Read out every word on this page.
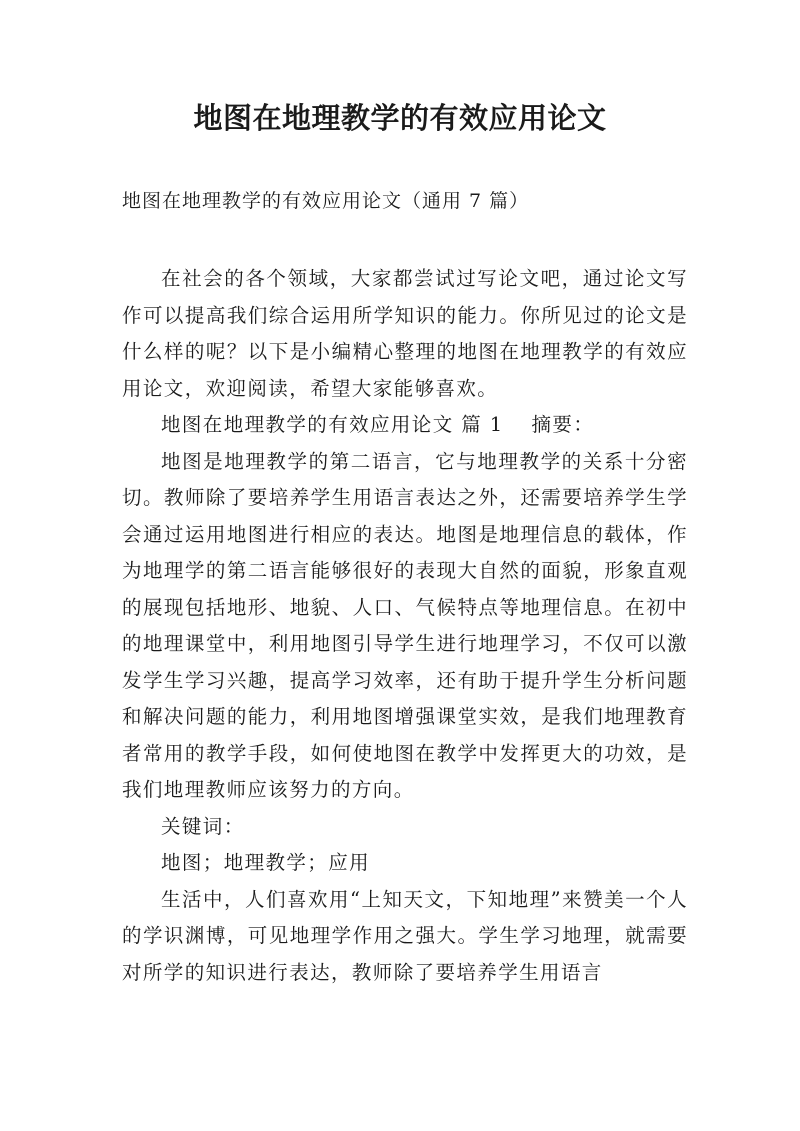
地图在地理教学的有效应用论文

地图在地理教学的有效应用论文（通用 7 篇）

在社会的各个领域，大家都尝试过写论文吧，通过论文写作可以提高我们综合运用所学知识的能力。你所见过的论文是什么样的呢？以下是小编精心整理的地图在地理教学的有效应用论文，欢迎阅读，希望大家能够喜欢。

地图在地理教学的有效应用论文 篇 1 摘要：

地图是地理教学的第二语言，它与地理教学的关系十分密切。教师除了要培养学生用语言表达之外，还需要培养学生学会通过运用地图进行相应的表达。地图是地理信息的载体，作为地理学的第二语言能够很好的表现大自然的面貌，形象直观的展现包括地形、地貌、人口、气候特点等地理信息。在初中的地理课堂中，利用地图引导学生进行地理学习，不仅可以激发学生学习兴趣，提高学习效率，还有助于提升学生分析问题和解决问题的能力，利用地图增强课堂实效，是我们地理教育者常用的教学手段，如何使地图在教学中发挥更大的功效，是我们地理教师应该努力的方向。

关键词：

地图；地理教学；应用

生活中，人们喜欢用“上知天文，下知地理”来赞美一个人的学识渊博，可见地理学作用之强大。学生学习地理，就需要对所学的知识进行表达，教师除了要培养学生用语言
